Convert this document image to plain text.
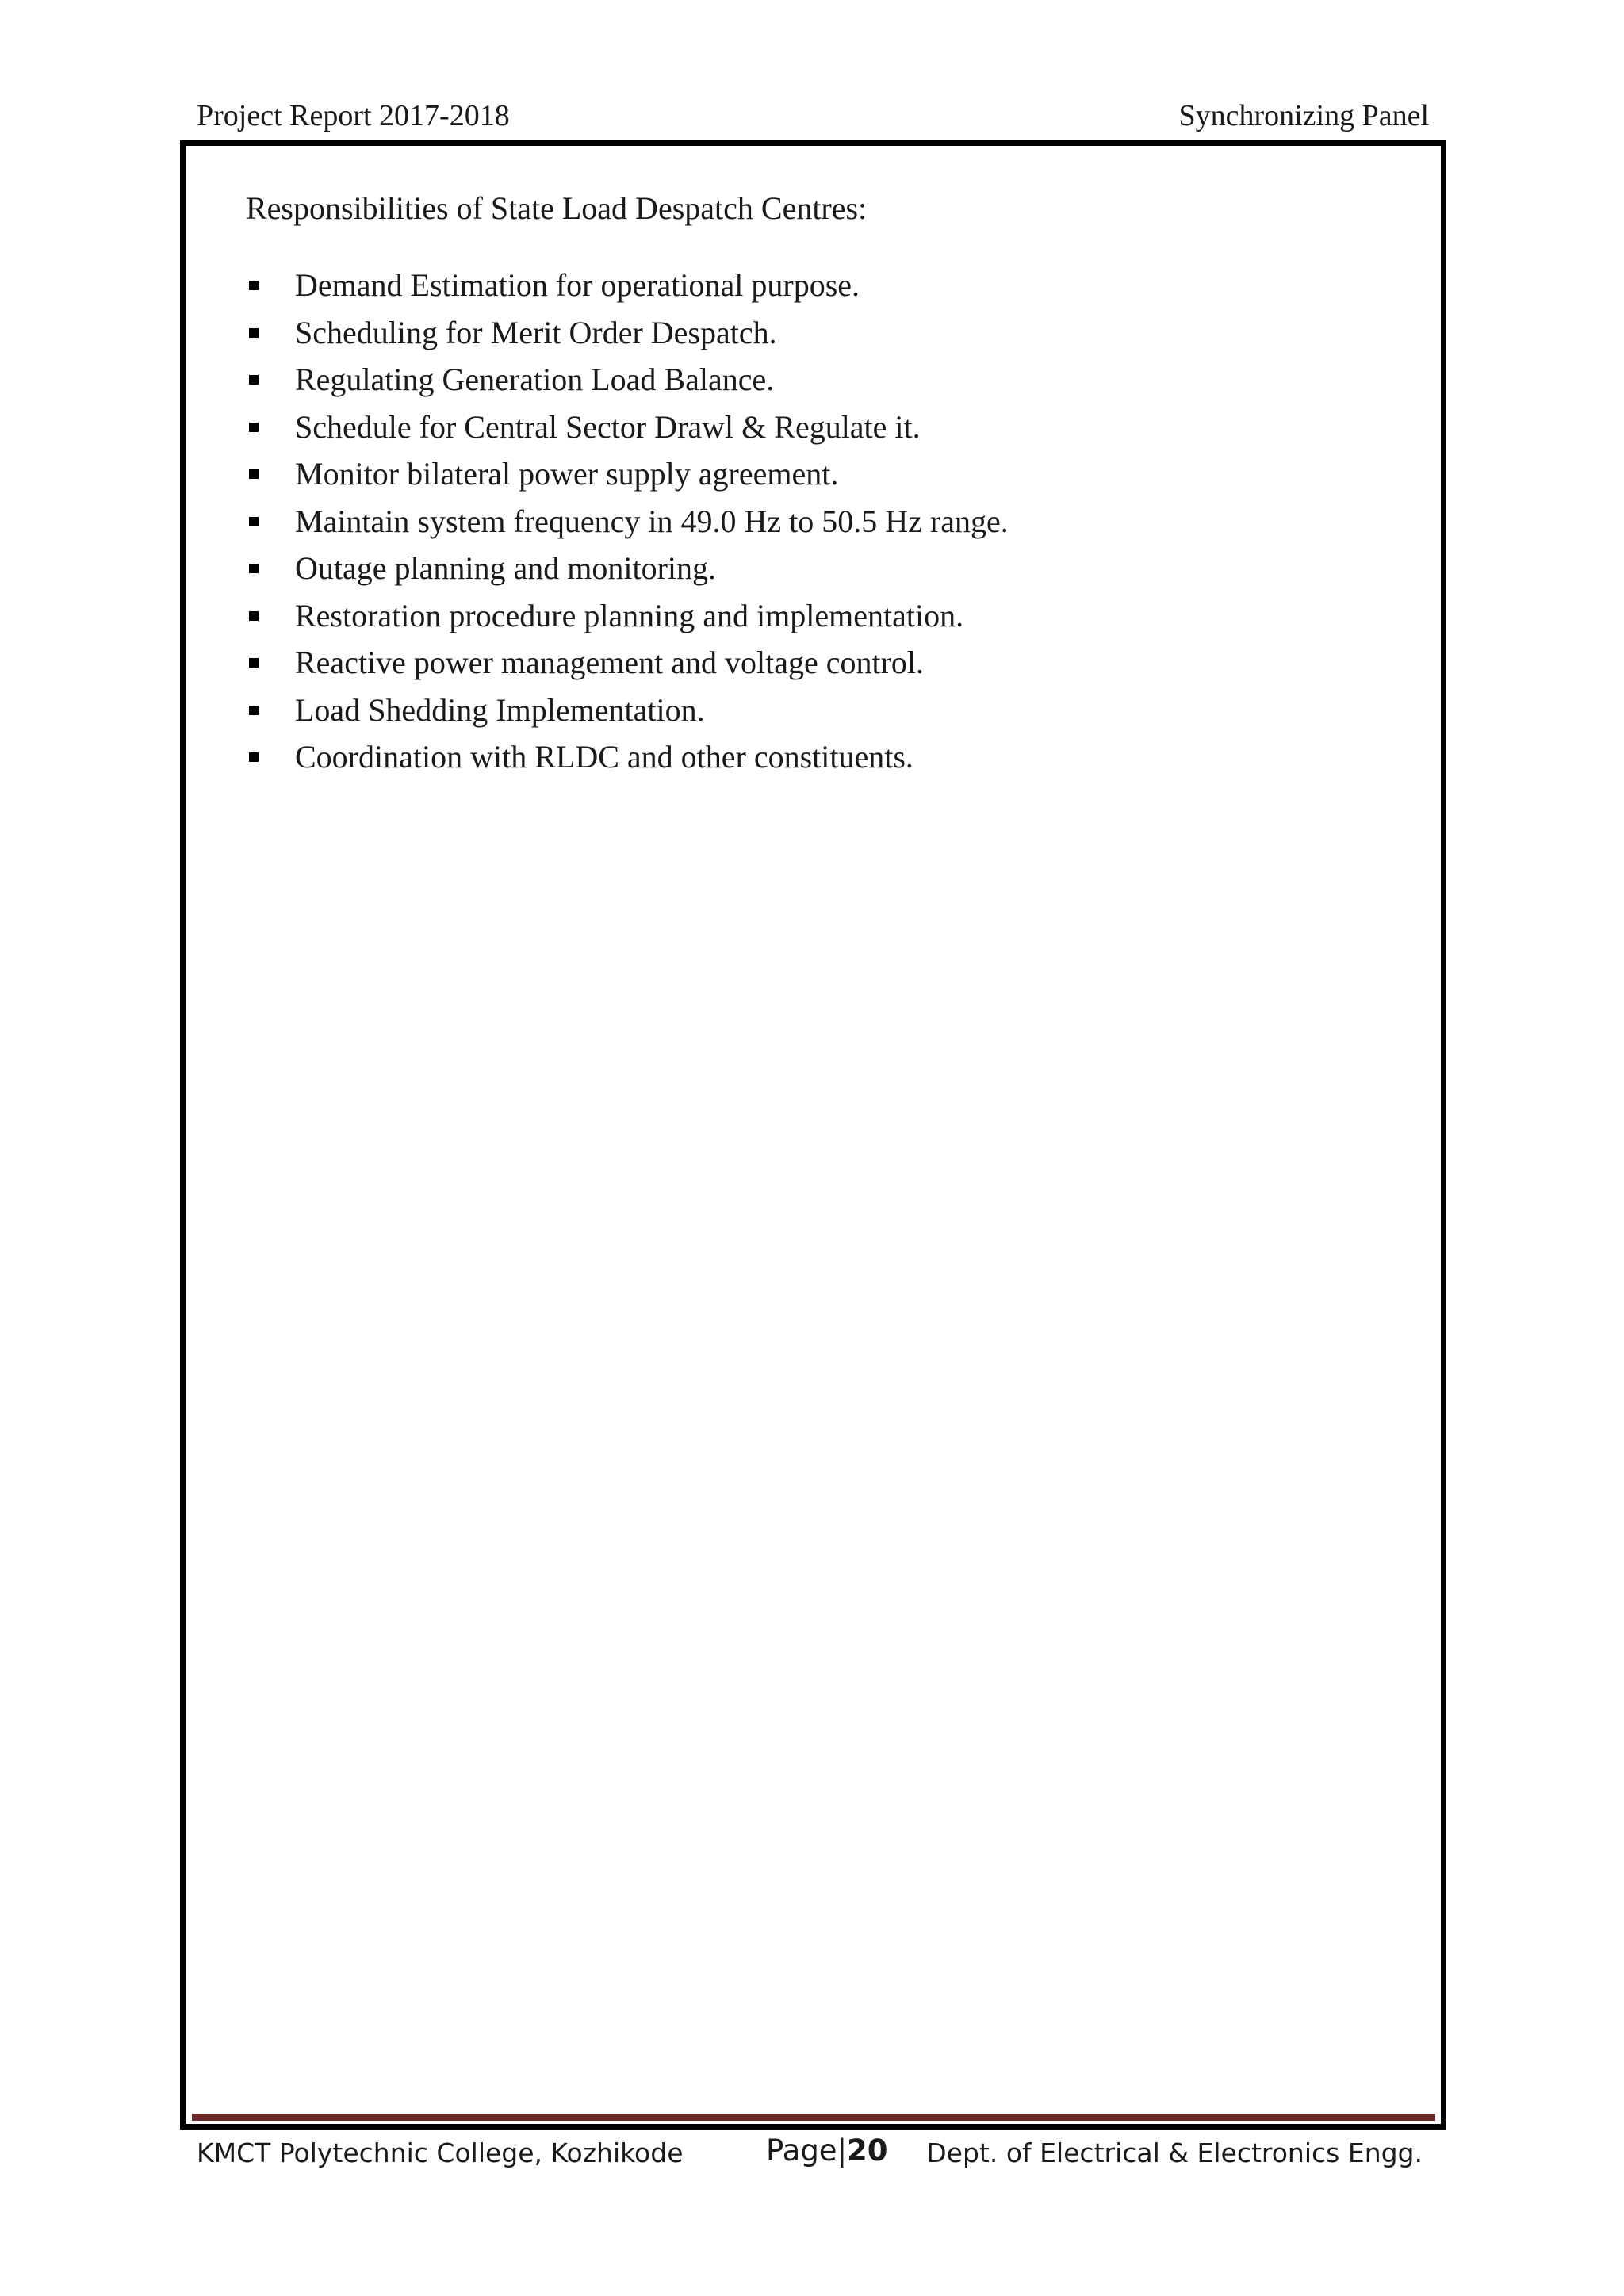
Project Report 2017-2018	Synchronizing Panel
Responsibilities of State Load Despatch Centres:
Demand Estimation for operational purpose.
Scheduling for Merit Order Despatch.
Regulating Generation Load Balance.
Schedule for Central Sector Drawl & Regulate it.
Monitor bilateral power supply agreement.
Maintain system frequency in 49.0 Hz to 50.5 Hz range.
Outage planning and monitoring.
Restoration procedure planning and implementation.
Reactive power management and voltage control.
Load Shedding Implementation.
Coordination with RLDC and other constituents.
KMCT Polytechnic College, Kozhikode	Page|20 Dept. of Electrical & Electronics Engg.
